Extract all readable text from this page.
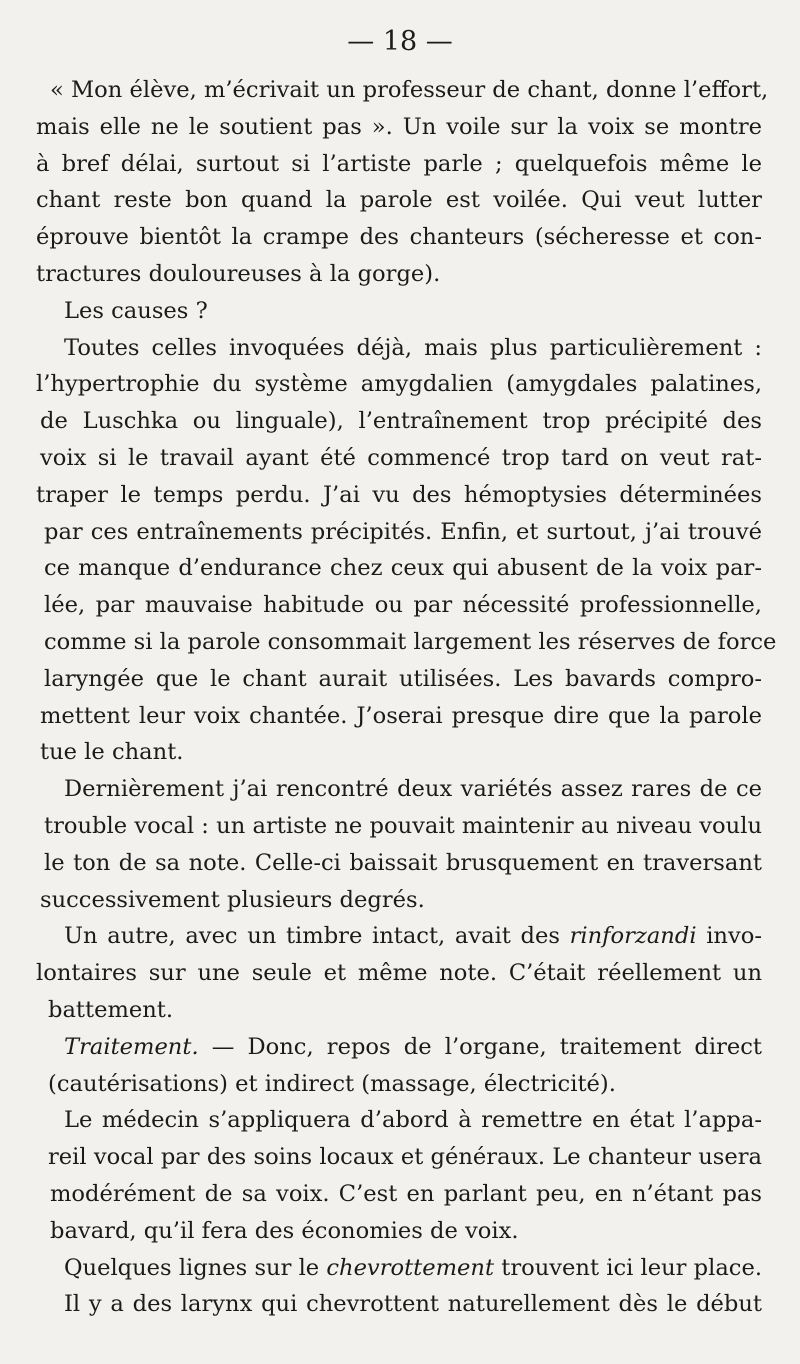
— 18 —
« Mon élève, m’écrivait un professeur de chant, donne l’effort,
mais elle ne le soutient pas ». Un voile sur la voix se montre
à bref délai, surtout si l’artiste parle ; quelquefois même le
chant reste bon quand la parole est voilée. Qui veut lutter
éprouve bientôt la crampe des chanteurs (sécheresse et con-
tractures douloureuses à la gorge).
Les causes ?
Toutes celles invoquées déjà, mais plus particulièrement :
l’hypertrophie du système amygdalien (amygdales palatines,
de Luschka ou linguale), l’entraînement trop précipité des
voix si le travail ayant été commencé trop tard on veut rat-
traper le temps perdu. J’ai vu des hémoptysies déterminées
par ces entraînements précipités. Enfin, et surtout, j’ai trouvé
ce manque d’endurance chez ceux qui abusent de la voix par-
lée, par mauvaise habitude ou par nécessité professionnelle,
comme si la parole consommait largement les réserves de force
laryngée que le chant aurait utilisées. Les bavards compro-
mettent leur voix chantée. J’oserai presque dire que la parole
tue le chant.
Dernièrement j’ai rencontré deux variétés assez rares de ce
trouble vocal : un artiste ne pouvait maintenir au niveau voulu
le ton de sa note. Celle-ci baissait brusquement en traversant
successivement plusieurs degrés.
Un autre, avec un timbre intact, avait des rinforzandi invo-
lontaires sur une seule et même note. C’était réellement un
battement.
Traitement. — Donc, repos de l’organe, traitement direct
(cautérisations) et indirect (massage, électricité).
Le médecin s’appliquera d’abord à remettre en état l’appa-
reil vocal par des soins locaux et généraux. Le chanteur usera
modérément de sa voix. C’est en parlant peu, en n’étant pas
bavard, qu’il fera des économies de voix.
Quelques lignes sur le chevrottement trouvent ici leur place.
Il y a des larynx qui chevrottent naturellement dès le début
